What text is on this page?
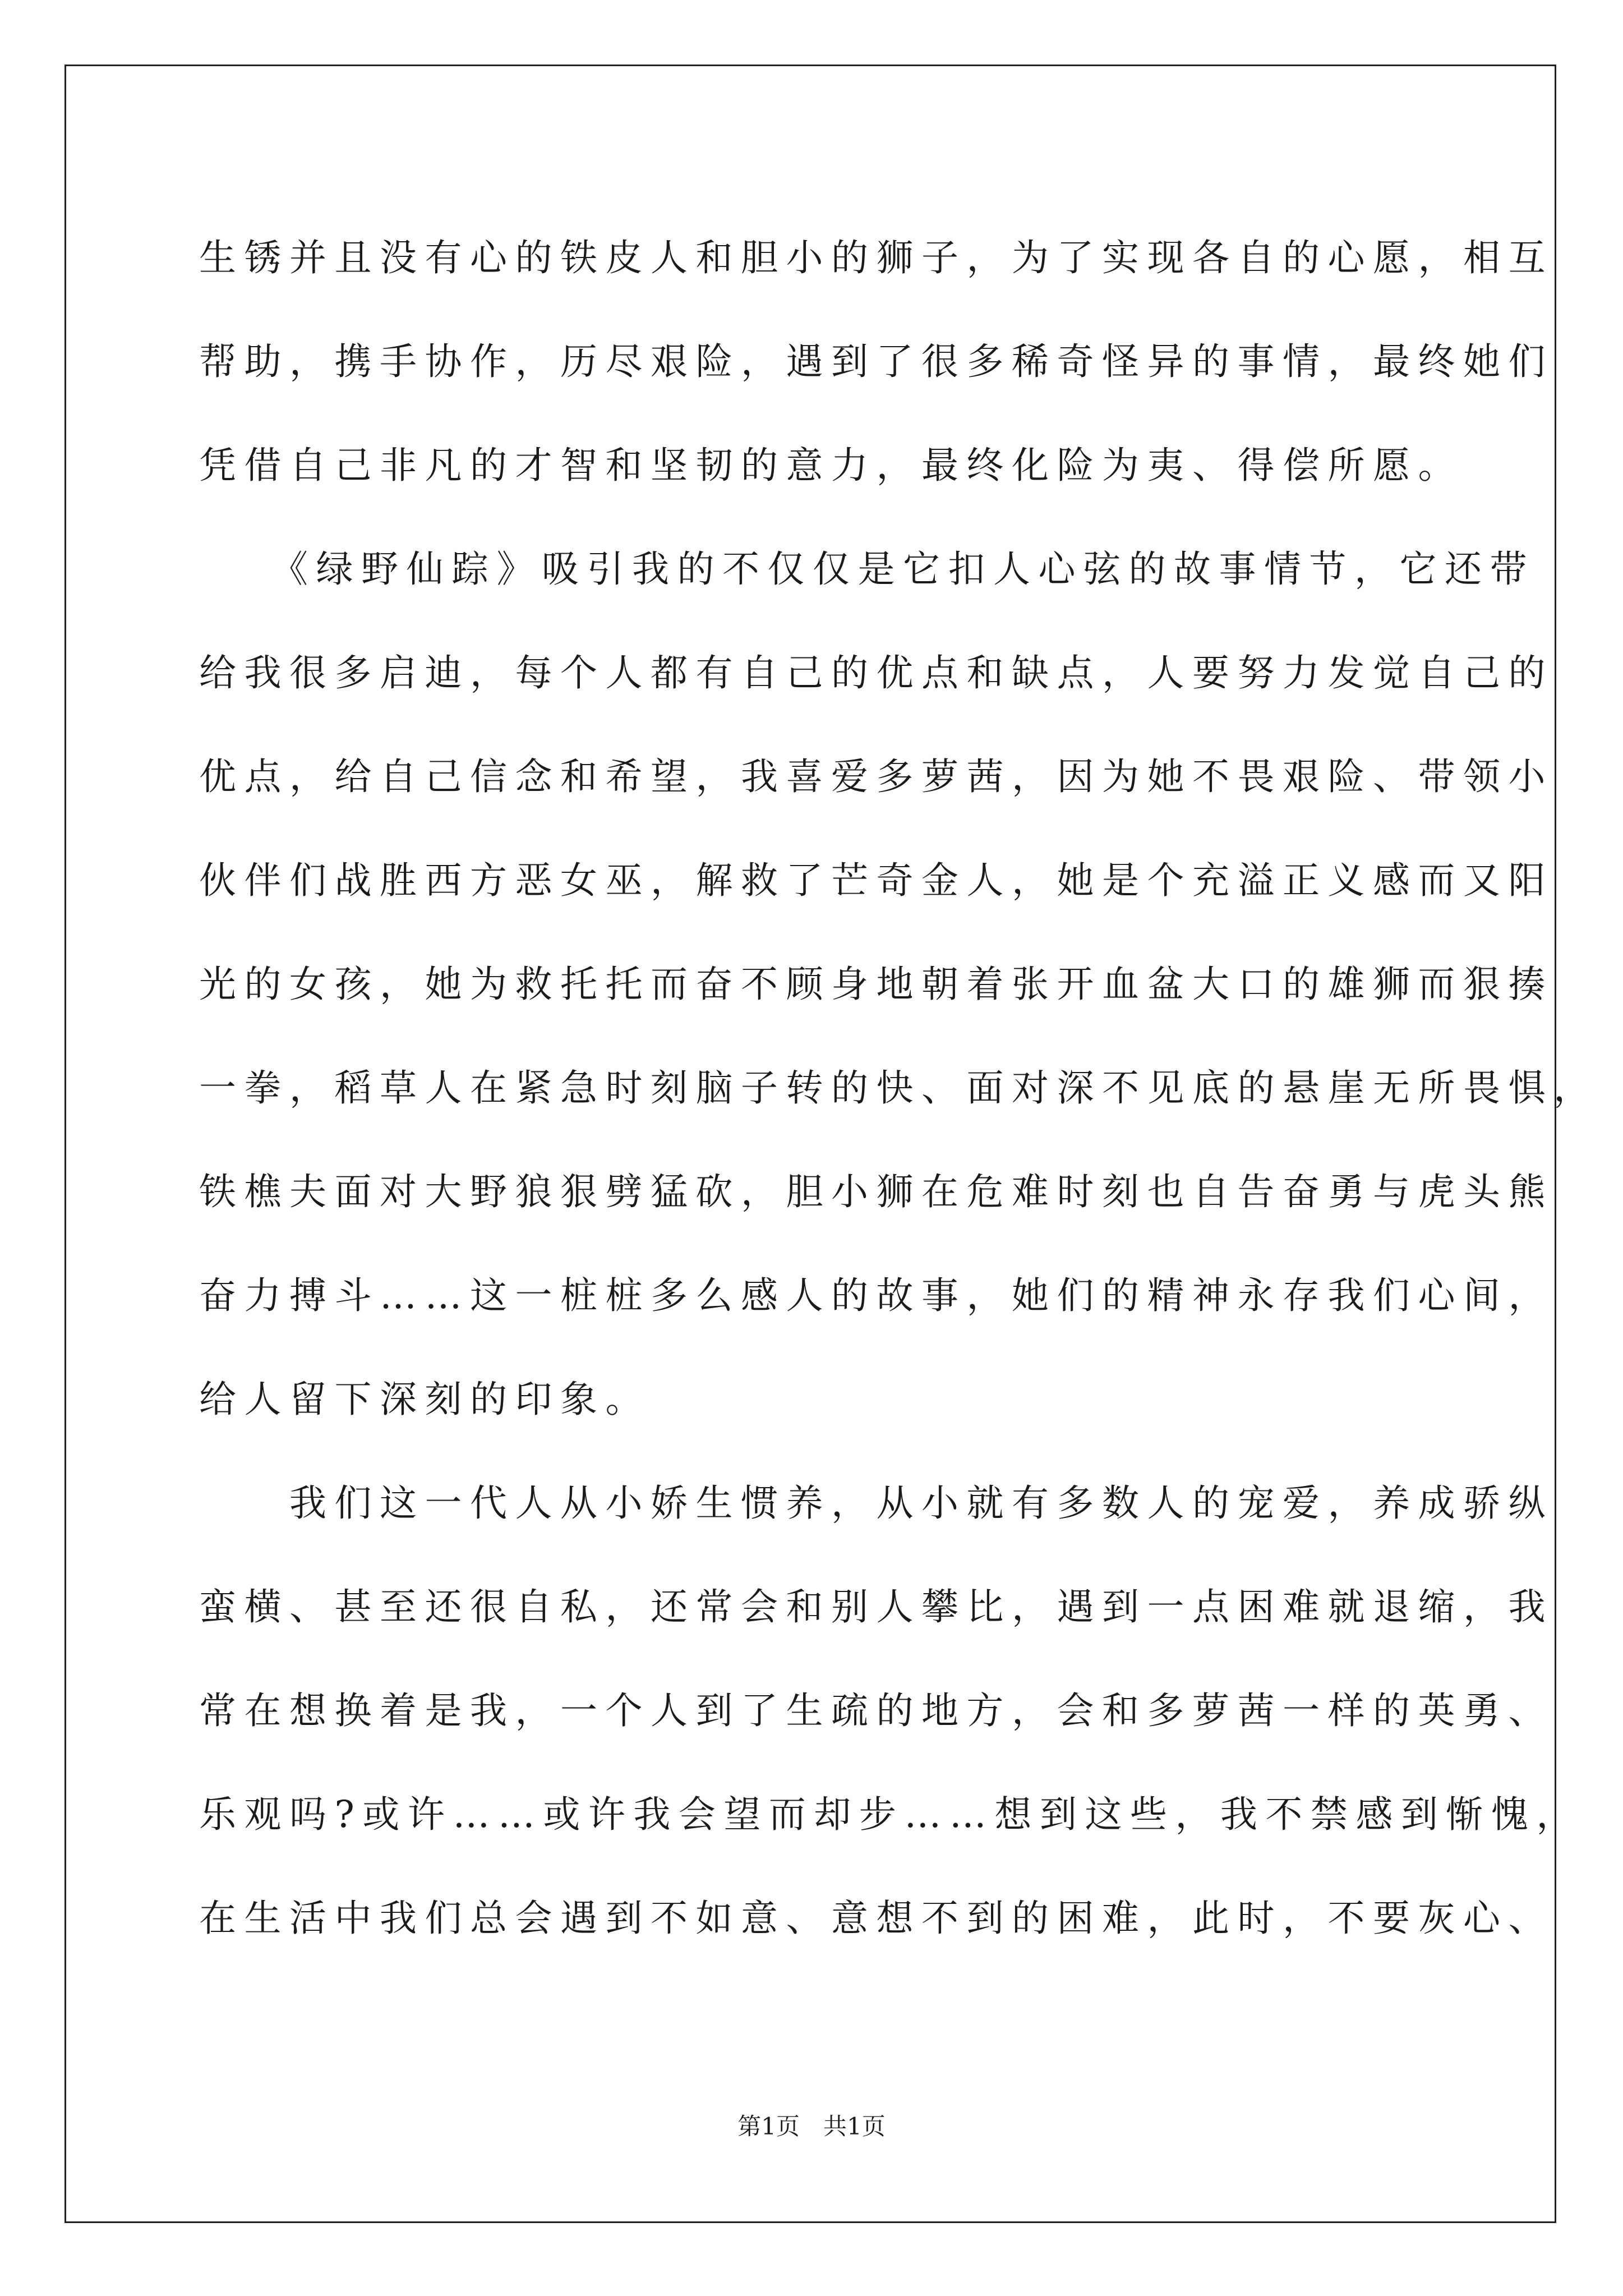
生锈并且没有心的铁皮人和胆小的狮子，为了实现各自的心愿，相互
帮助，携手协作，历尽艰险，遇到了很多稀奇怪异的事情，最终她们
凭借自己非凡的才智和坚韧的意力，最终化险为夷、得偿所愿。
　　《绿野仙踪》吸引我的不仅仅是它扣人心弦的故事情节，它还带
给我很多启迪，每个人都有自己的优点和缺点，人要努力发觉自己的
优点，给自己信念和希望，我喜爱多萝茜，因为她不畏艰险、带领小
伙伴们战胜西方恶女巫，解救了芒奇金人，她是个充溢正义感而又阳
光的女孩，她为救托托而奋不顾身地朝着张开血盆大口的雄狮而狠揍
一拳，稻草人在紧急时刻脑子转的快、面对深不见底的悬崖无所畏惧，
铁樵夫面对大野狼狠劈猛砍，胆小狮在危难时刻也自告奋勇与虎头熊
奋力搏斗……这一桩桩多么感人的故事，她们的精神永存我们心间，
给人留下深刻的印象。
　　我们这一代人从小娇生惯养，从小就有多数人的宠爱，养成骄纵
蛮横、甚至还很自私，还常会和别人攀比，遇到一点困难就退缩，我
常在想换着是我，一个人到了生疏的地方，会和多萝茜一样的英勇、
乐观吗?或许……或许我会望而却步……想到这些，我不禁感到惭愧，
在生活中我们总会遇到不如意、意想不到的困难，此时，不要灰心、
第1页　共1页
